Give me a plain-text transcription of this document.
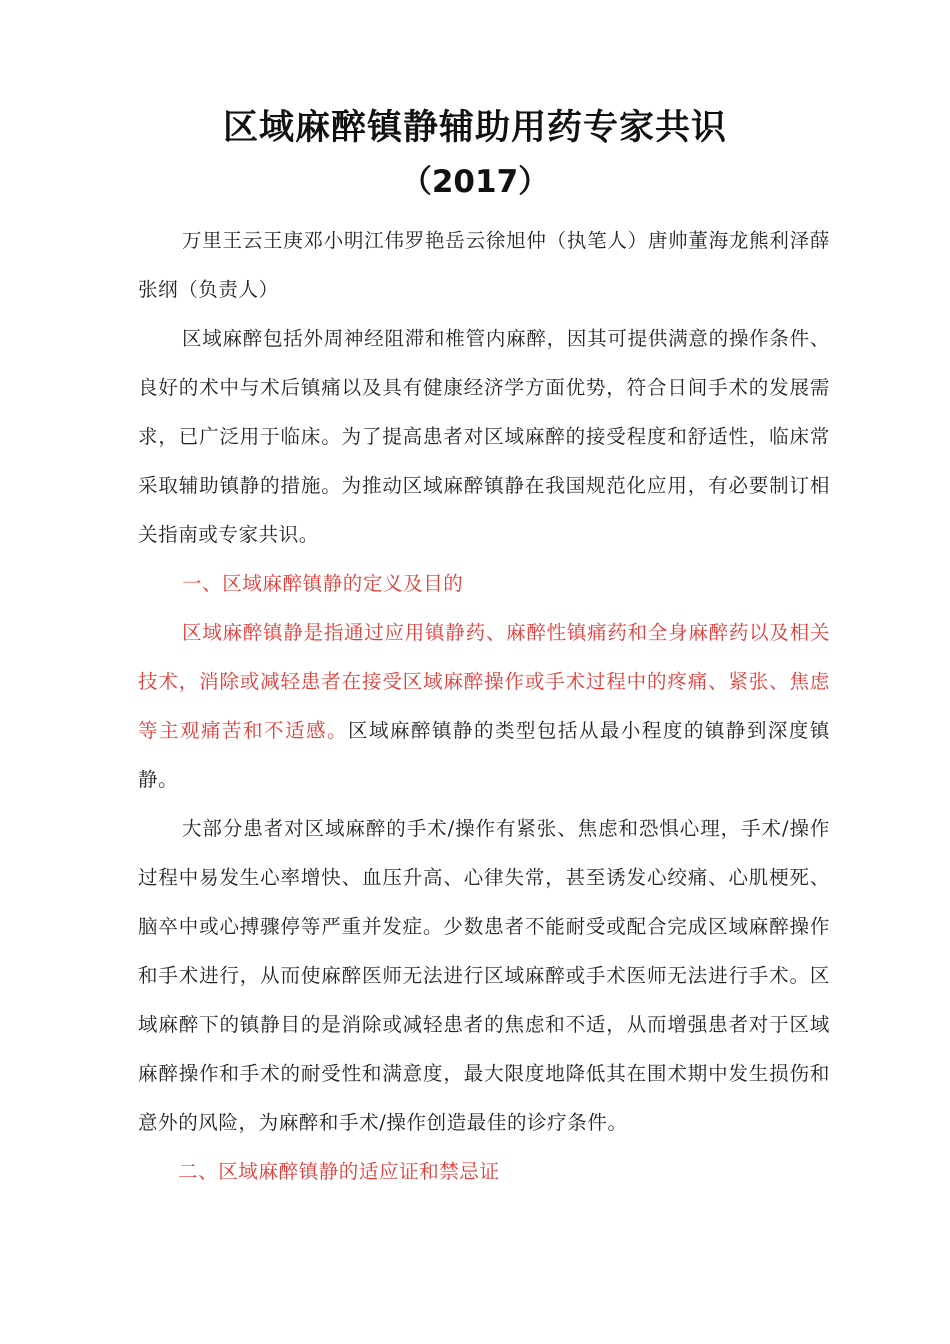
区域麻醉镇静辅助用药专家共识
（2017）

万里王云王庚邓小明江伟罗艳岳云徐旭仲（执笔人）唐帅董海龙熊利泽薛张纲（负责人）

区域麻醉包括外周神经阻滞和椎管内麻醉，因其可提供满意的操作条件、良好的术中与术后镇痛以及具有健康经济学方面优势，符合日间手术的发展需求，已广泛用于临床。为了提高患者对区域麻醉的接受程度和舒适性，临床常采取辅助镇静的措施。为推动区域麻醉镇静在我国规范化应用，有必要制订相关指南或专家共识。

一、区域麻醉镇静的定义及目的

区域麻醉镇静是指通过应用镇静药、麻醉性镇痛药和全身麻醉药以及相关技术，消除或减轻患者在接受区域麻醉操作或手术过程中的疼痛、紧张、焦虑等主观痛苦和不适感。区域麻醉镇静的类型包括从最小程度的镇静到深度镇静。

大部分患者对区域麻醉的手术/操作有紧张、焦虑和恐惧心理，手术/操作过程中易发生心率增快、血压升高、心律失常，甚至诱发心绞痛、心肌梗死、脑卒中或心搏骤停等严重并发症。少数患者不能耐受或配合完成区域麻醉操作和手术进行，从而使麻醉医师无法进行区域麻醉或手术医师无法进行手术。区域麻醉下的镇静目的是消除或减轻患者的焦虑和不适，从而增强患者对于区域麻醉操作和手术的耐受性和满意度，最大限度地降低其在围术期中发生损伤和意外的风险，为麻醉和手术/操作创造最佳的诊疗条件。

二、区域麻醉镇静的适应证和禁忌证
